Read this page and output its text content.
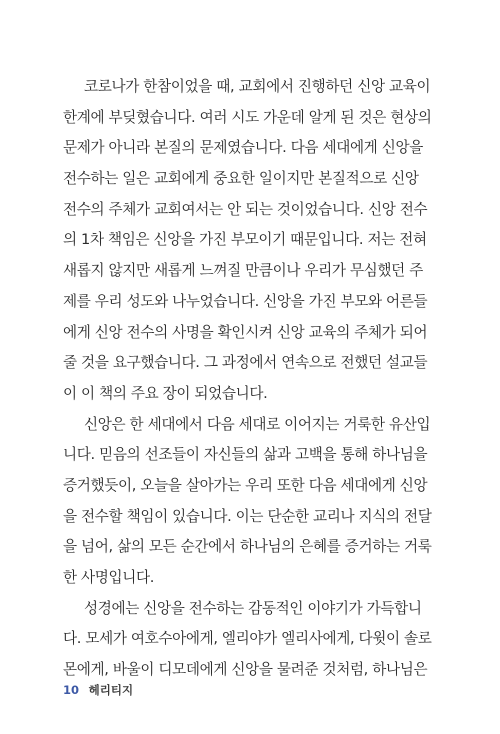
코로나가 한참이었을 때, 교회에서 진행하던 신앙 교육이
한계에 부딪혔습니다. 여러 시도 가운데 알게 된 것은 현상의
문제가 아니라 본질의 문제였습니다. 다음 세대에게 신앙을
전수하는 일은 교회에게 중요한 일이지만 본질적으로 신앙
전수의 주체가 교회여서는 안 되는 것이었습니다. 신앙 전수
의 1차 책임은 신앙을 가진 부모이기 때문입니다. 저는 전혀
새롭지 않지만 새롭게 느껴질 만큼이나 우리가 무심했던 주
제를 우리 성도와 나누었습니다. 신앙을 가진 부모와 어른들
에게 신앙 전수의 사명을 확인시켜 신앙 교육의 주체가 되어
줄 것을 요구했습니다. 그 과정에서 연속으로 전했던 설교들
이 이 책의 주요 장이 되었습니다.
신앙은 한 세대에서 다음 세대로 이어지는 거룩한 유산입
니다. 믿음의 선조들이 자신들의 삶과 고백을 통해 하나님을
증거했듯이, 오늘을 살아가는 우리 또한 다음 세대에게 신앙
을 전수할 책임이 있습니다. 이는 단순한 교리나 지식의 전달
을 넘어, 삶의 모든 순간에서 하나님의 은혜를 증거하는 거룩
한 사명입니다.
성경에는 신앙을 전수하는 감동적인 이야기가 가득합니
다. 모세가 여호수아에게, 엘리야가 엘리사에게, 다윗이 솔로
몬에게, 바울이 디모데에게 신앙을 물려준 것처럼, 하나님은
10 헤리티지
